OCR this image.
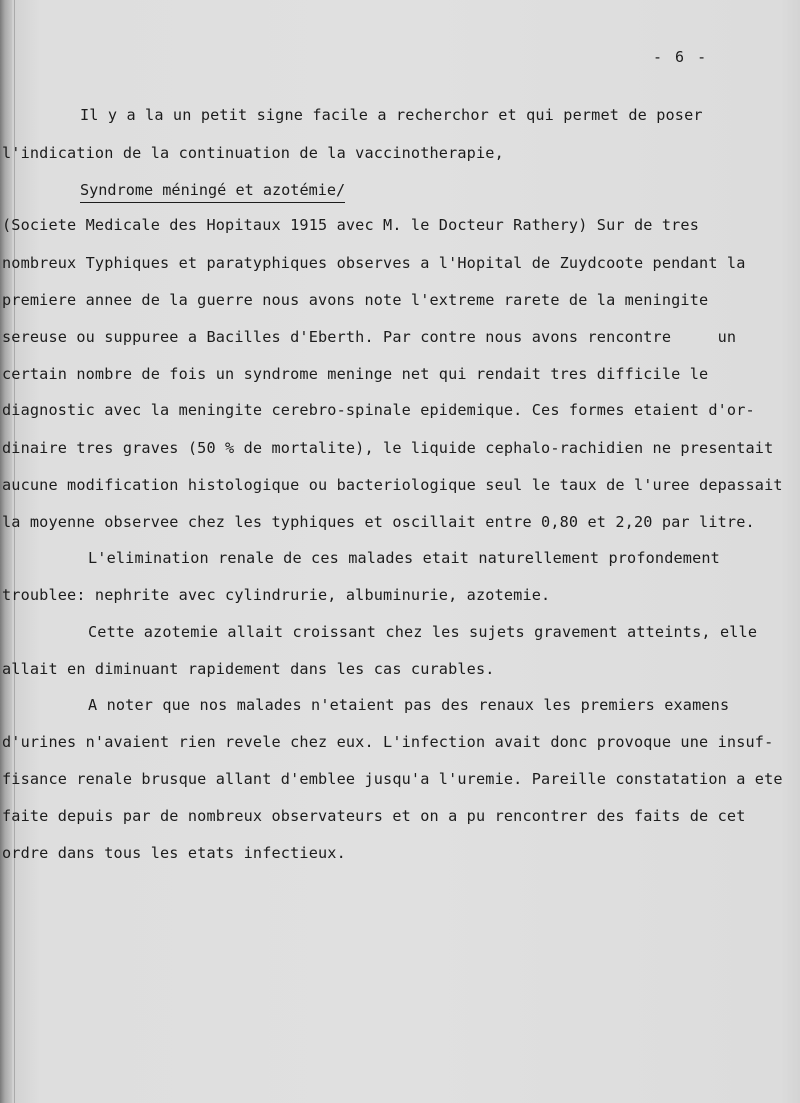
- 6 -
Il y a la un petit signe facile a recherchor et qui permet de poser
l'indication de la continuation de la vaccinotherapie,
Syndrome méningé et azotémie/
(Societe Medicale des Hopitaux 1915 avec M. le Docteur Rathery) Sur de tres
nombreux Typhiques et paratyphiques observes a l'Hopital de Zuydcoote pendant la
premiere annee de la guerre nous avons note l'extreme rarete de la meningite
sereuse ou suppuree a Bacilles d'Eberth. Par contre nous avons rencontre     un
certain nombre de fois un syndrome meninge net qui rendait tres difficile le
diagnostic avec la meningite cerebro-spinale epidemique. Ces formes etaient d'or-
dinaire tres graves (50 % de mortalite), le liquide cephalo-rachidien ne presentait
aucune modification histologique ou bacteriologique seul le taux de l'uree depassait
la moyenne observee chez les typhiques et oscillait entre 0,80 et 2,20 par litre.
L'elimination renale de ces malades etait naturellement profondement
troublee: nephrite avec cylindrurie, albuminurie, azotemie.
Cette azotemie allait croissant chez les sujets gravement atteints, elle
allait en diminuant rapidement dans les cas curables.
A noter que nos malades n'etaient pas des renaux les premiers examens
d'urines n'avaient rien revele chez eux. L'infection avait donc provoque une insuf-
fisance renale brusque allant d'emblee jusqu'a l'uremie. Pareille constatation a ete
faite depuis par de nombreux observateurs et on a pu rencontrer des faits de cet
ordre dans tous les etats infectieux.
